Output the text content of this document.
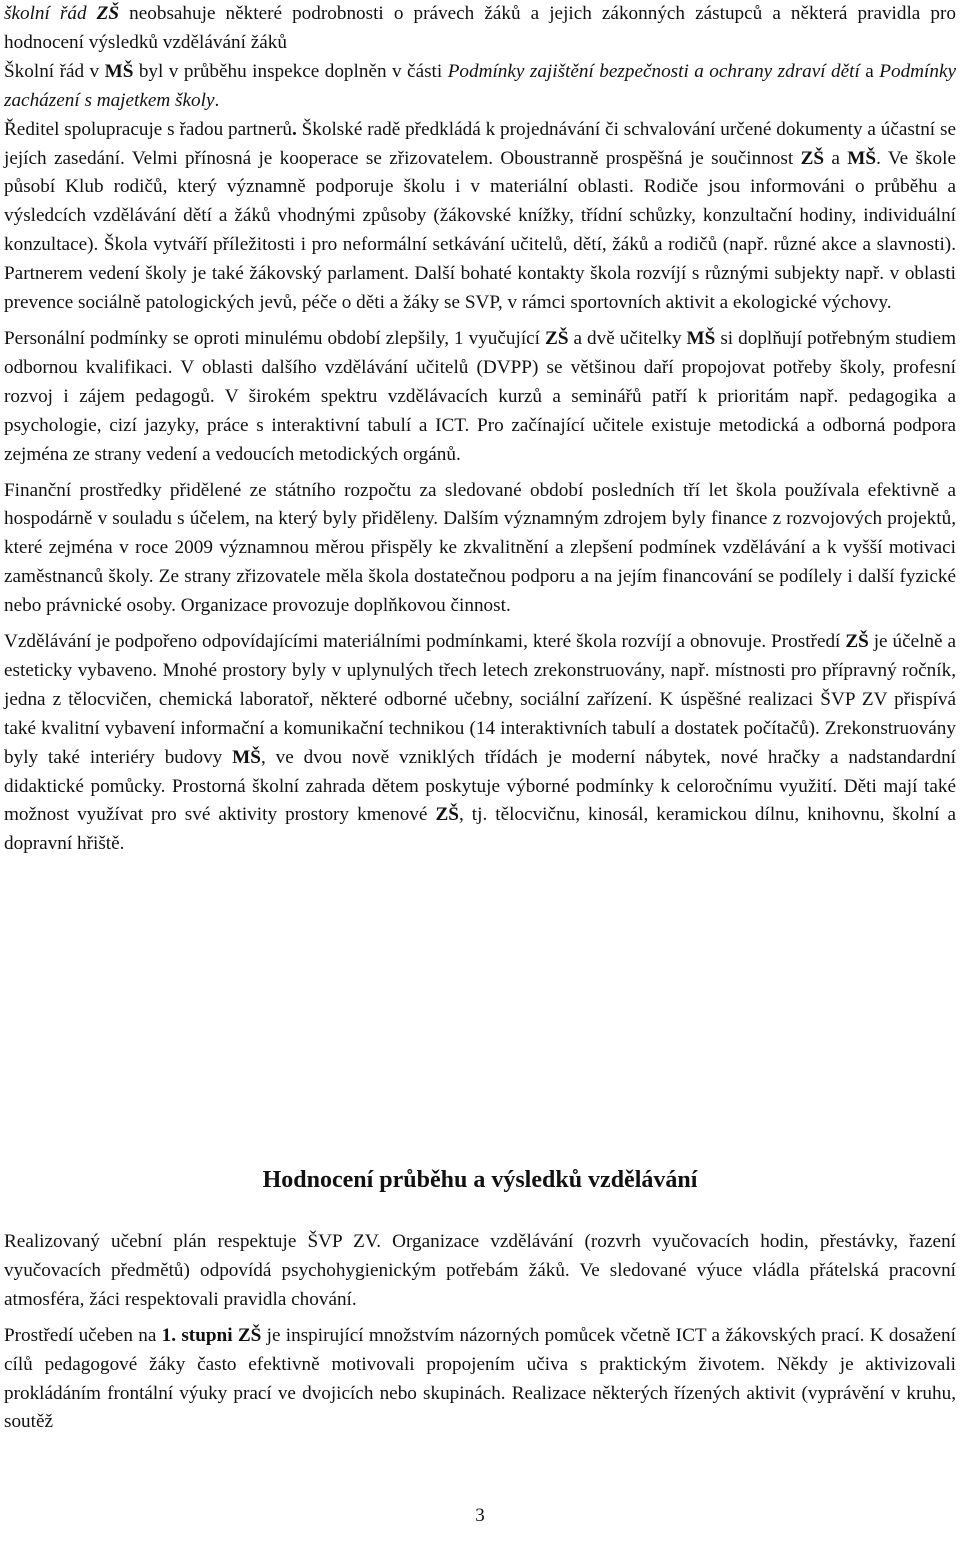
školní řád ZŠ neobsahuje některé podrobnosti o právech žáků a jejich zákonných zástupců a některá pravidla pro hodnocení výsledků vzdělávání žáků

Školní řád v MŠ byl v průběhu inspekce doplněn v části Podmínky zajištění bezpečnosti a ochrany zdraví dětí a Podmínky zacházení s majetkem školy.

Ředitel spolupracuje s řadou partnerů. Školské radě předkládá k projednávání či schvalování určené dokumenty a účastní se jejích zasedání. Velmi přínosná je kooperace se zřizovatelem. Oboustranně prospěšná je součinnost ZŠ a MŠ. Ve škole působí Klub rodičů, který významně podporuje školu i v materiální oblasti. Rodiče jsou informováni o průběhu a výsledcích vzdělávání dětí a žáků vhodnými způsoby (žákovské knížky, třídní schůzky, konzultační hodiny, individuální konzultace). Škola vytváří příležitosti i pro neformální setkávání učitelů, dětí, žáků a rodičů (např. různé akce a slavnosti). Partnerem vedení školy je také žákovský parlament. Další bohaté kontakty škola rozvíjí s různými subjekty např. v oblasti prevence sociálně patologických jevů, péče o děti a žáky se SVP, v rámci sportovních aktivit a ekologické výchovy.

Personální podmínky se oproti minulému období zlepšily, 1 vyučující ZŠ a dvě učitelky MŠ si doplňují potřebným studiem odbornou kvalifikaci. V oblasti dalšího vzdělávání učitelů (DVPP) se většinou daří propojovat potřeby školy, profesní rozvoj i zájem pedagogů. V širokém spektru vzdělávacích kurzů a seminářů patří k prioritám např. pedagogika a psychologie, cizí jazyky, práce s interaktivní tabulí a ICT. Pro začínající učitele existuje metodická a odborná podpora zejména ze strany vedení a vedoucích metodických orgánů.

Finanční prostředky přidělené ze státního rozpočtu za sledované období posledních tří let škola používala efektivně a hospodárně v souladu s účelem, na který byly přiděleny. Dalším významným zdrojem byly finance z rozvojových projektů, které zejména v roce 2009 významnou měrou přispěly ke zkvalitnění a zlepšení podmínek vzdělávání a k vyšší motivaci zaměstnanců školy. Ze strany zřizovatele měla škola dostatečnou podporu a na jejím financování se podílely i další fyzické nebo právnické osoby. Organizace provozuje doplňkovou činnost.

Vzdělávání je podpořeno odpovídajícími materiálními podmínkami, které škola rozvíjí a obnovuje. Prostředí ZŠ je účelně a esteticky vybaveno. Mnohé prostory byly v uplynulých třech letech zrekonstruovány, např. místnosti pro přípravný ročník, jedna z tělocvičen, chemická laboratoř, některé odborné učebny, sociální zařízení. K úspěšné realizaci ŠVP ZV přispívá také kvalitní vybavení informační a komunikační technikou (14 interaktivních tabulí a dostatek počítačů). Zrekonstruovány byly také interiéry budovy MŠ, ve dvou nově vzniklých třídách je moderní nábytek, nové hračky a nadstandardní didaktické pomůcky. Prostorná školní zahrada dětem poskytuje výborné podmínky k celoročnímu využití. Děti mají také možnost využívat pro své aktivity prostory kmenové ZŠ, tj. tělocvičnu, kinosál, keramickou dílnu, knihovnu, školní a dopravní hřiště.

Hodnocení průběhu a výsledků vzdělávání

Realizovaný učební plán respektuje ŠVP ZV. Organizace vzdělávání (rozvrh vyučovacích hodin, přestávky, řazení vyučovacích předmětů) odpovídá psychohygienickým potřebám žáků. Ve sledované výuce vládla přátelská pracovní atmosféra, žáci respektovali pravidla chování.

Prostředí učeben na 1. stupni ZŠ je inspirující množstvím názorných pomůcek včetně ICT a žákovských prací. K dosažení cílů pedagogové žáky často efektivně motivovali propojením učiva s praktickým životem. Někdy je aktivizovali prokládáním frontální výuky prací ve dvojicích nebo skupinách. Realizace některých řízených aktivit (vyprávění v kruhu, soutěž

3
